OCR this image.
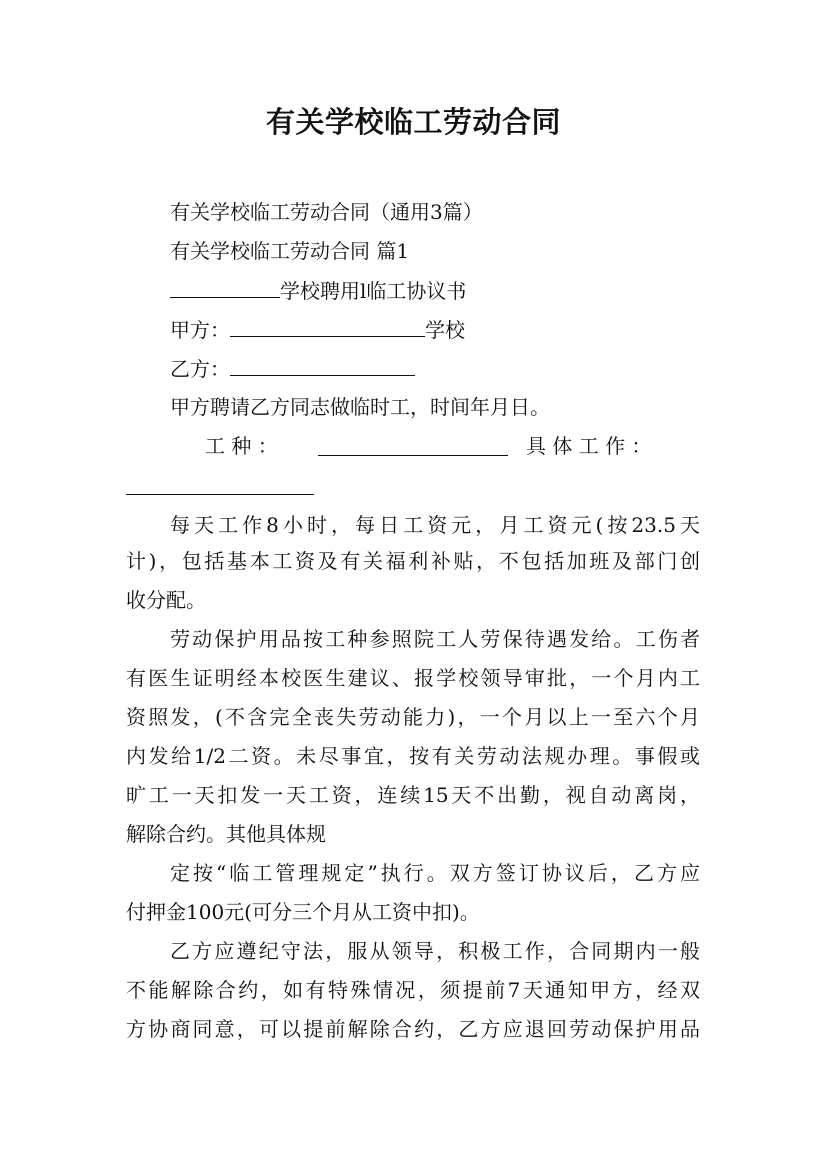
有关学校临工劳动合同
有关学校临工劳动合同（通用3篇）
有关学校临工劳动合同 篇1
学校聘用l临工协议书
甲方：	学校
乙方：
甲方聘请乙方同志做临时工，时间年月日。
工 种 ：	具 体 工 作 ：
每天工作8小时，每日工资元，月工资元(按23.5天
计)，包括基本工资及有关福利补贴，不包括加班及部门创
收分配。
劳动保护用品按工种参照院工人劳保待遇发给。工伤者
有医生证明经本校医生建议、报学校领导审批，一个月内工
资照发，(不含完全丧失劳动能力)，一个月以上一至六个月
内发给1/2二资。未尽事宜，按有关劳动法规办理。事假或
旷工一天扣发一天工资，连续15天不出勤，视自动离岗，
解除合约。其他具体规
定按“临工管理规定”执行。双方签订协议后，乙方应
付押金100元(可分三个月从工资中扣)。
乙方应遵纪守法，服从领导，积极工作，合同期内一般
不能解除合约，如有特殊情况，须提前7天通知甲方，经双
方协商同意，可以提前解除合约，乙方应退回劳动保护用品
